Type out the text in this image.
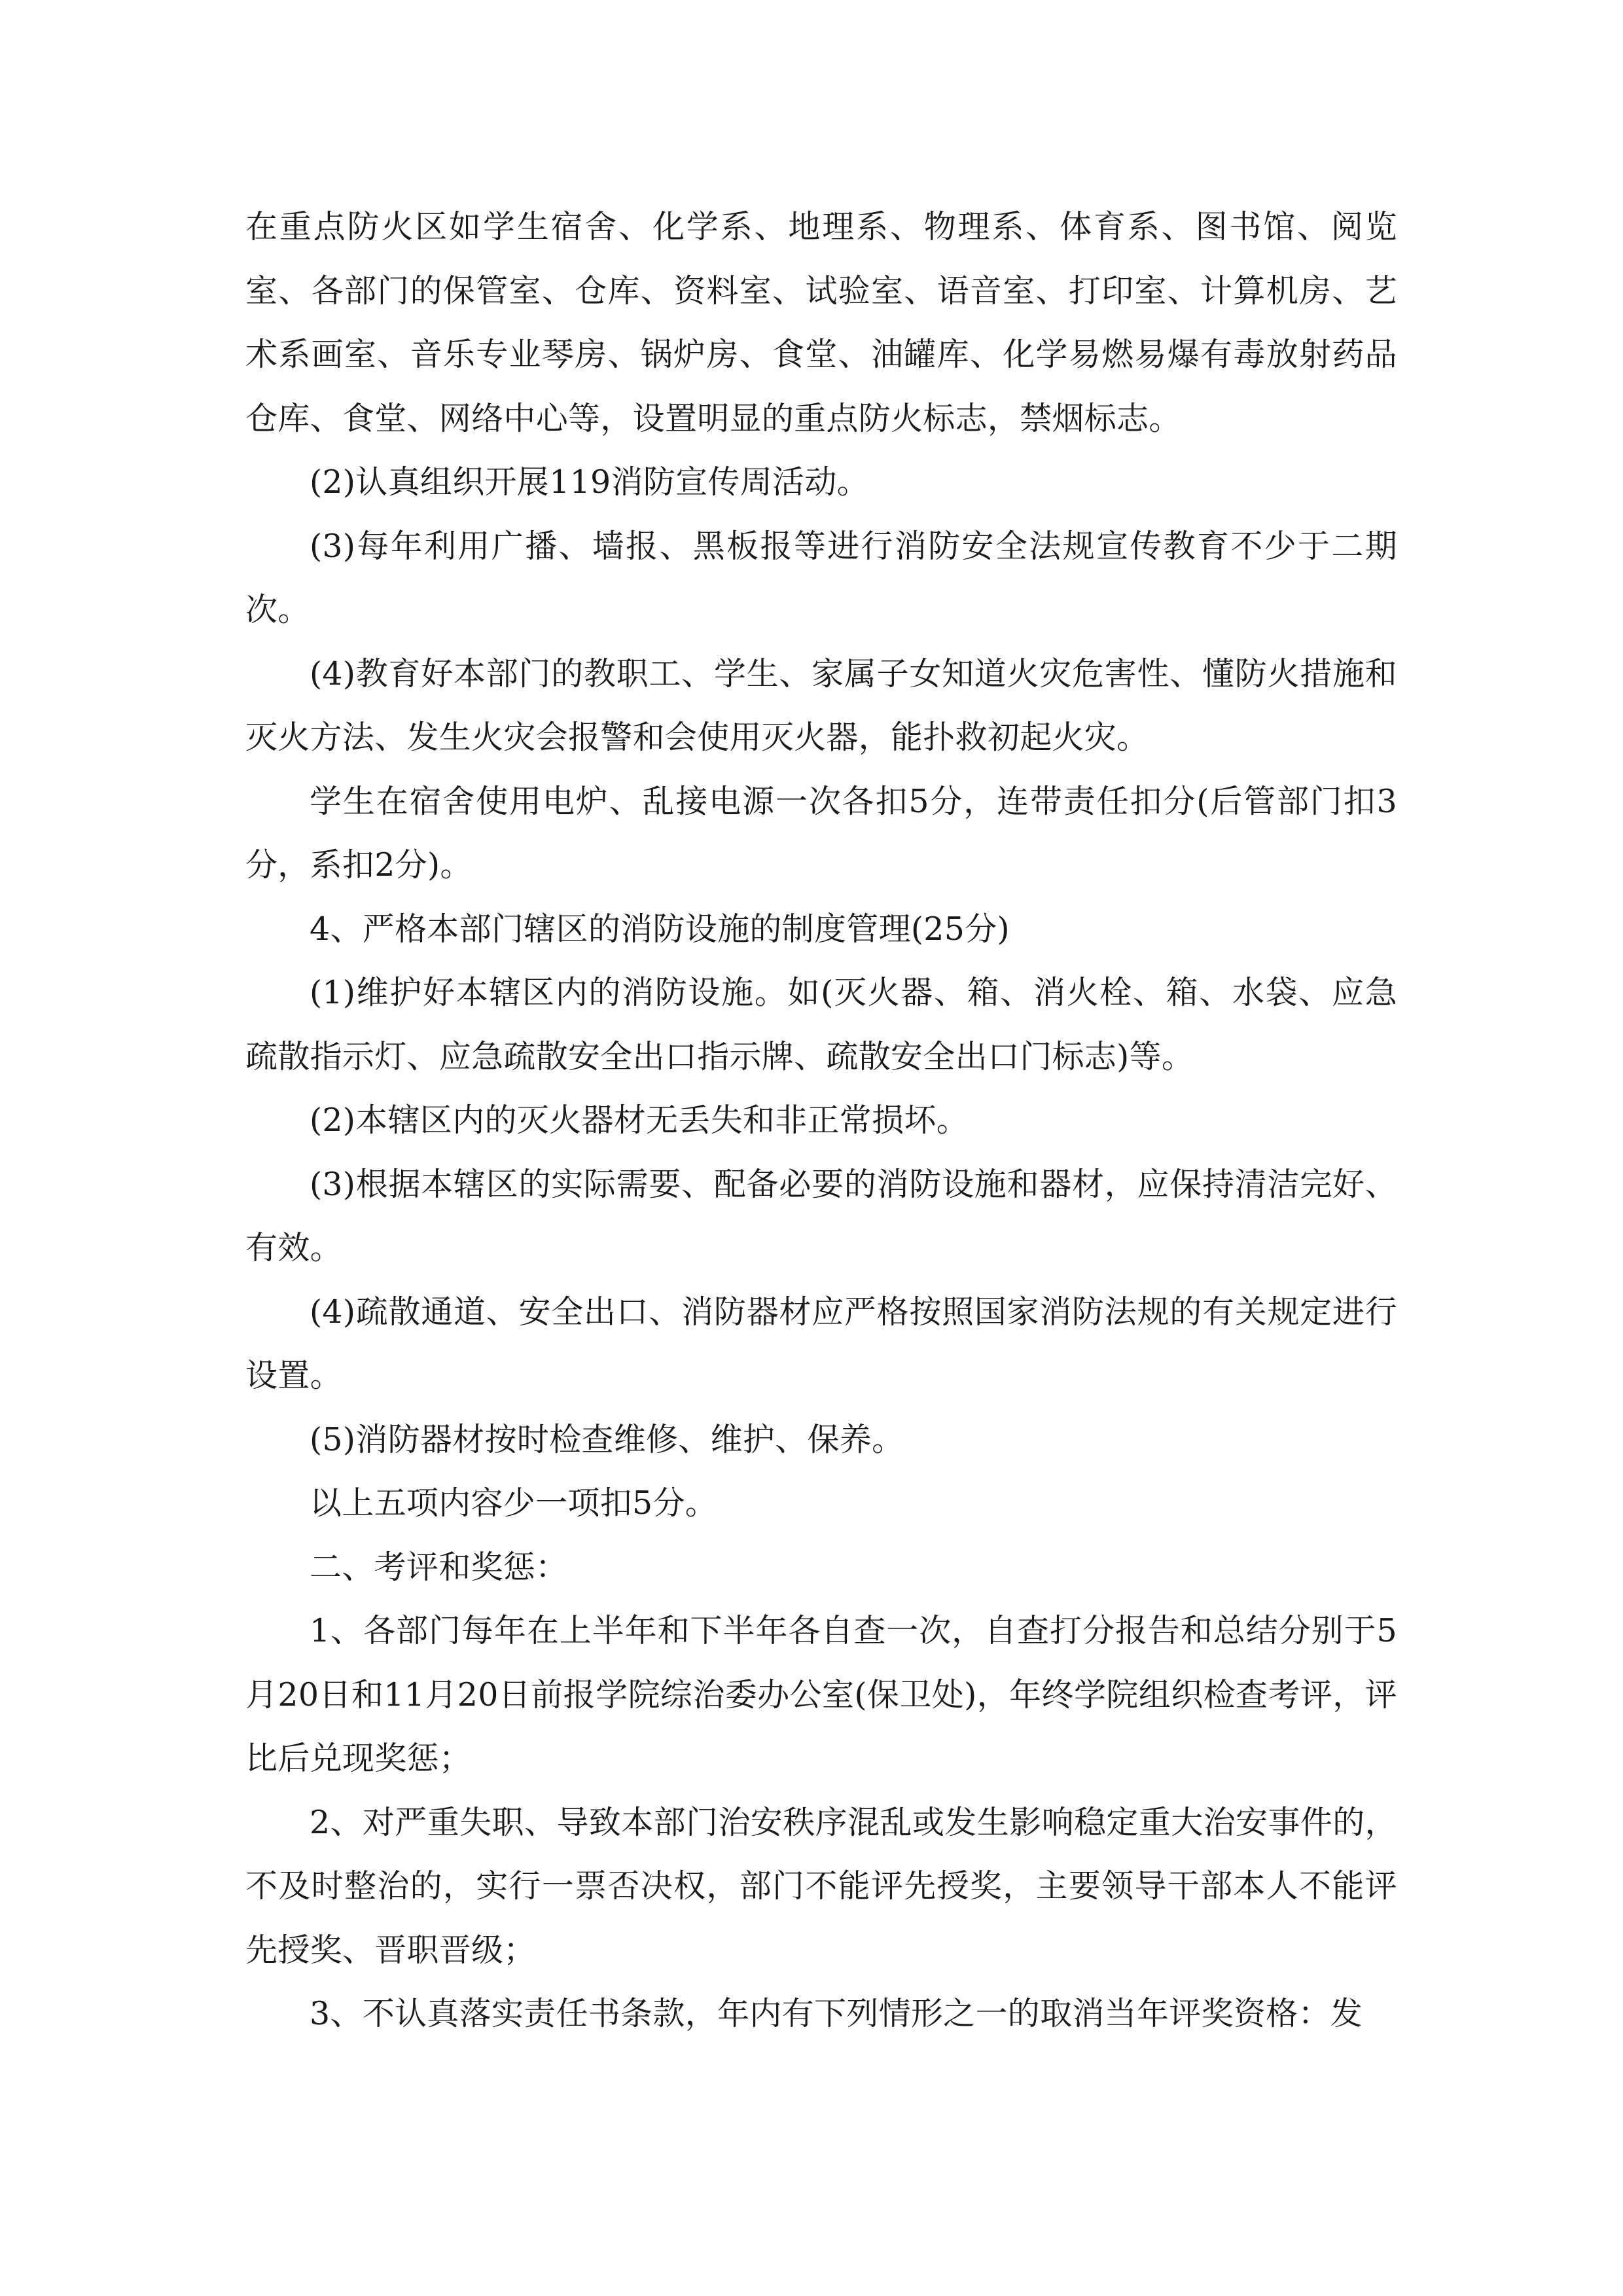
在重点防火区如学生宿舍、化学系、地理系、物理系、体育系、图书馆、阅览室、各部门的保管室、仓库、资料室、试验室、语音室、打印室、计算机房、艺术系画室、音乐专业琴房、锅炉房、食堂、油罐库、化学易燃易爆有毒放射药品仓库、食堂、网络中心等，设置明显的重点防火标志，禁烟标志。

(2)认真组织开展119消防宣传周活动。

(3)每年利用广播、墙报、黑板报等进行消防安全法规宣传教育不少于二期次。

(4)教育好本部门的教职工、学生、家属子女知道火灾危害性、懂防火措施和灭火方法、发生火灾会报警和会使用灭火器，能扑救初起火灾。

学生在宿舍使用电炉、乱接电源一次各扣5分，连带责任扣分(后管部门扣3分，系扣2分)。

4、严格本部门辖区的消防设施的制度管理(25分)

(1)维护好本辖区内的消防设施。如(灭火器、箱、消火栓、箱、水袋、应急疏散指示灯、应急疏散安全出口指示牌、疏散安全出口门标志)等。

(2)本辖区内的灭火器材无丢失和非正常损坏。

(3)根据本辖区的实际需要、配备必要的消防设施和器材，应保持清洁完好、有效。

(4)疏散通道、安全出口、消防器材应严格按照国家消防法规的有关规定进行设置。

(5)消防器材按时检查维修、维护、保养。

以上五项内容少一项扣5分。

二、考评和奖惩：

1、各部门每年在上半年和下半年各自查一次，自查打分报告和总结分别于5月20日和11月20日前报学院综治委办公室(保卫处)，年终学院组织检查考评，评比后兑现奖惩；

2、对严重失职、导致本部门治安秩序混乱或发生影响稳定重大治安事件的，不及时整治的，实行一票否决权，部门不能评先授奖，主要领导干部本人不能评先授奖、晋职晋级；

3、不认真落实责任书条款，年内有下列情形之一的取消当年评奖资格：发
